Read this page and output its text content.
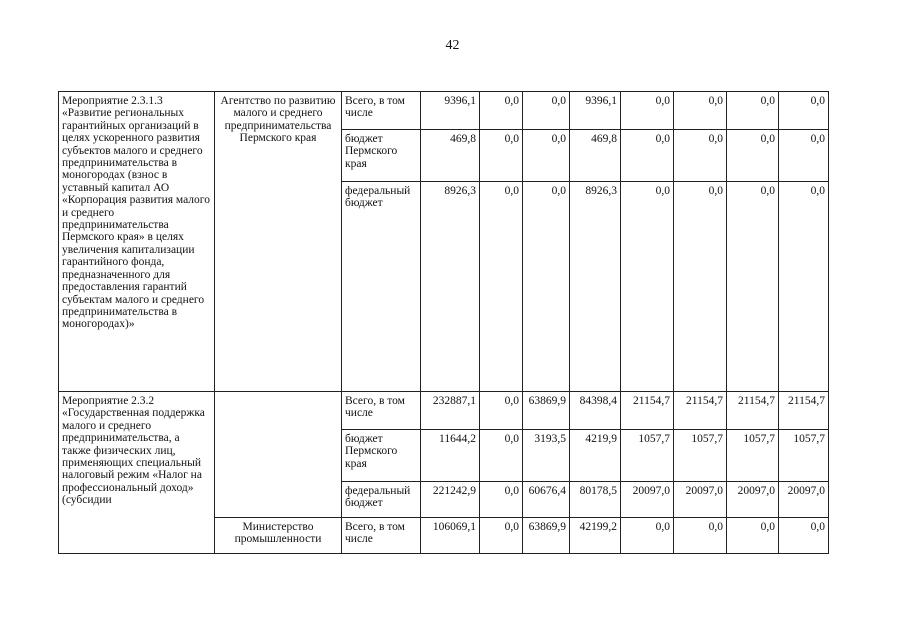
42
Мероприятие 2.3.1.3 «Развитие региональных гарантийных организаций в целях ускоренного развития субъектов малого и среднего предпринимательства в моногородах (взнос в уставный капитал АО «Корпорация развития малого и среднего предпринимательства Пермского края» в целях увеличения капитализации гарантийного фонда, предназначенного для предоставления гарантий субъектам малого и среднего предпринимательства в моногородах)»	Агентство по развитию малого и среднего предпринимательства Пермского края	Всего, в том числе	9396,1	0,0	0,0	9396,1	0,0	0,0	0,0	0,0
		бюджет Пермского края	469,8	0,0	0,0	469,8	0,0	0,0	0,0	0,0
		федеральный бюджет	8926,3	0,0	0,0	8926,3	0,0	0,0	0,0	0,0
Мероприятие 2.3.2 «Государственная поддержка малого и среднего предпринимательства, а также физических лиц, применяющих специальный налоговый режим «Налог на профессиональный доход» (субсидии		Всего, в том числе	232887,1	0,0	63869,9	84398,4	21154,7	21154,7	21154,7	21154,7
		бюджет Пермского края	11644,2	0,0	3193,5	4219,9	1057,7	1057,7	1057,7	1057,7
		федеральный бюджет	221242,9	0,0	60676,4	80178,5	20097,0	20097,0	20097,0	20097,0
	Министерство промышленности	Всего, в том числе	106069,1	0,0	63869,9	42199,2	0,0	0,0	0,0	0,0
